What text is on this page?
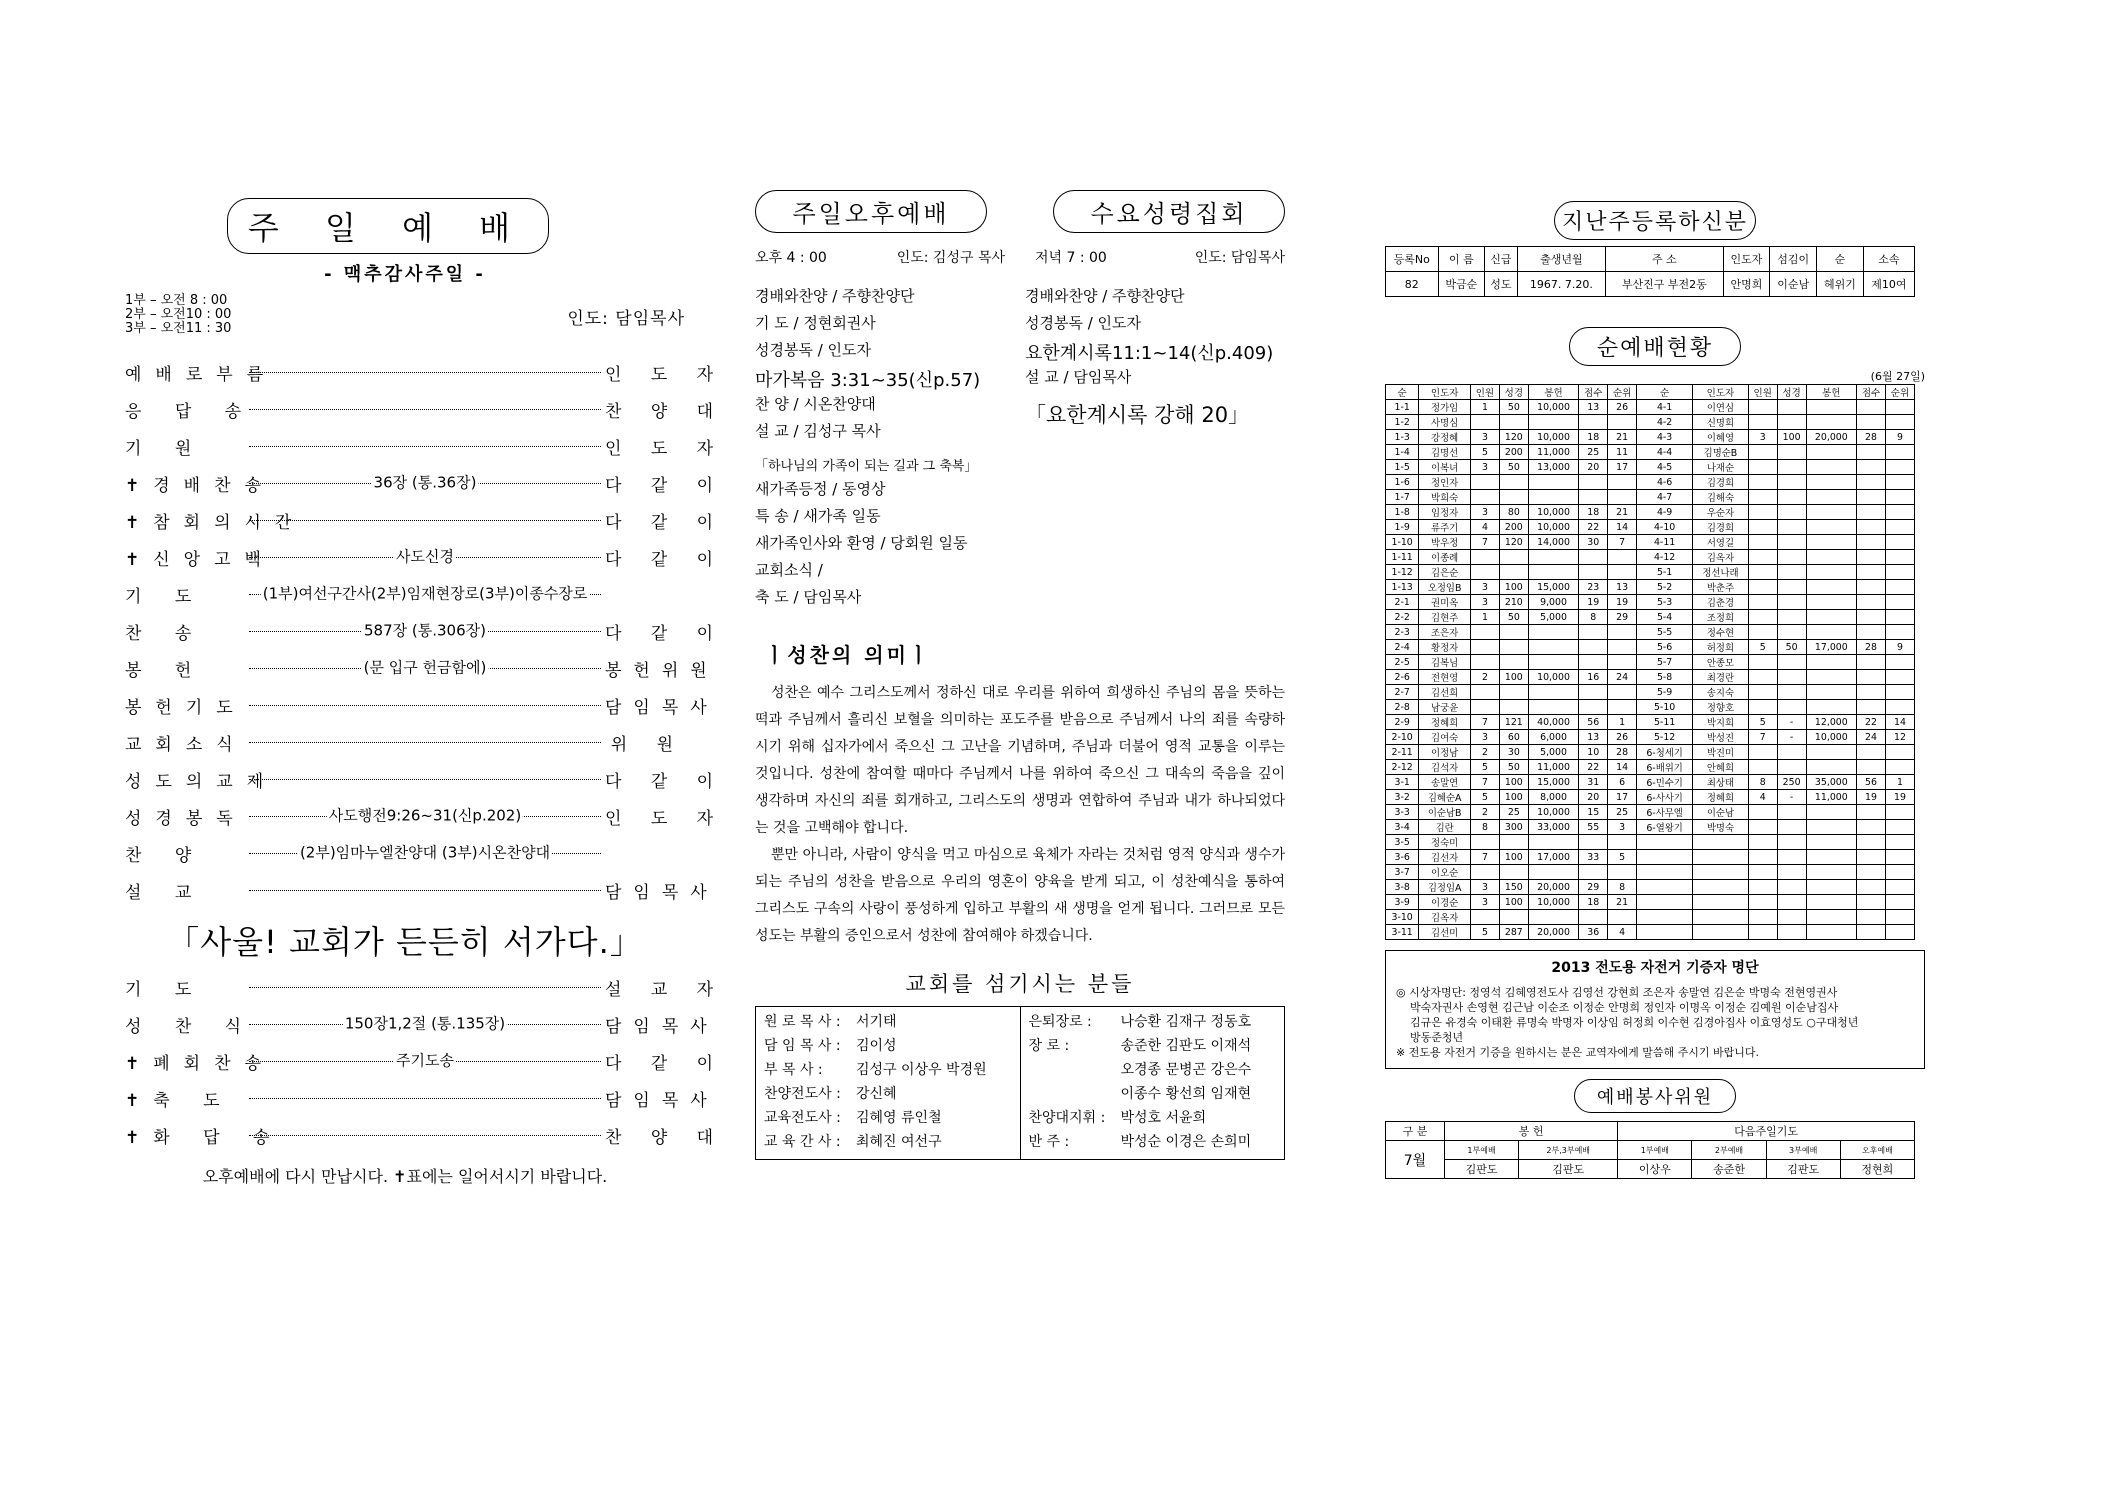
주 일 예 배
- 맥추감사주일 -
1부 – 오전 8 : 00
2부 – 오전10 : 00
3부 – 오전11 : 30	인도: 담임목사
예배로부름	인 도 자
응 답 송	찬 양 대
기 원	인 도 자
✝경배찬송	36장 (통.36장)	다 같 이
✝참회의시간	다 같 이
✝신앙고백	사도신경	다 같 이
기 도	(1부)여선구간사(2부)임재현장로(3부)이종수장로
찬 송	587장 (통.306장)	다 같 이
봉 헌	(문 입구 헌금함에)	봉헌위원
봉헌기도	담임목사
교회소식	위 원
성도의교제	다 같 이
성경봉독	사도행전9:26~31(신p.202)	인 도 자
찬 양	(2부)임마누엘찬양대 (3부)시온찬양대
설 교	담임목사
「사울! 교회가 든든히 서가다.」
기 도	설 교 자
성 찬 식	150장1,2절 (통.135장)	담임목사
✝폐회찬송	주기도송	다 같 이
✝축 도	담임목사
✝화 답 송	찬 양 대
오후예배에 다시 만납시다. ✝표에는 일어서시기 바랍니다.
주일오후예배	수요성령집회
오후 4 : 00	인도: 김성구 목사 저녁 7 : 00	인도: 담임목사
경배와찬양 / 주향찬양단
기 도 / 정현회권사
성경봉독 / 인도자
마가복음 3:31~35(신p.57)
찬 양 / 시온찬양대
설 교 / 김성구 목사
「하나님의 가족이 되는 길과 그 축복」
새가족등정 / 동영상
특 송 / 새가족 일동
새가족인사와 환영 / 당회원 일동
교회소식 /
축 도 / 담임목사
경배와찬양 / 주향찬양단
성경봉독 / 인도자
요한계시록11:1~14(신p.409)
설 교 / 담임목사
「요한계시록 강해 20」
ㅣ성찬의 의미ㅣ
성찬은 예수 그리스도께서 정하신 대로 우리를 위하여 희생하신 주님의 몸을 뜻하는 떡과 주님께서 흘리신 보혈을 의미하는 포도주를 받음으로 주님께서 나의 죄를 속량하시기 위해 십자가에서 죽으신 그 고난을 기념하며, 주님과 더불어 영적 교통을 이루는 것입니다. 성찬에 참여할 때마다 주님께서 나를 위하여 죽으신 그 대속의 죽음을 깊이 생각하며 자신의 죄를 회개하고, 그리스도의 생명과 연합하여 주님과 내가 하나되었다는 것을 고백해야 합니다.
뿐만 아니라, 사람이 양식을 먹고 마심으로 육체가 자라는 것처럼 영적 양식과 생수가 되는 주님의 성찬을 받음으로 우리의 영혼이 양육을 받게 되고, 이 성찬예식을 통하여 그리스도 구속의 사랑이 풍성하게 입하고 부활의 새 생명을 얻게 됩니다. 그러므로 모든 성도는 부활의 증인으로서 성찬에 참여해야 하겠습니다.
교회를 섬기시는 분들
원 로 목 사 :	서기태
담 임 목 사 :	김이성
부 목 사 :	김성구 이상우 박경원
찬양전도사 :	강신혜
교육전도사 :	김혜영 류인철
교 육 간 사 :	최혜진 여선구
은퇴장로 :	나승환 김재구 정동호
장 로 :	송준한 김판도 이재석
오경종 문병곤 강은수
이종수 황선희 임재현
찬양대지휘 :	박성호 서윤희
반 주 :	박성순 이경은 손희미
지난주등록하신분
등록No	이 름	신급	출생년월	주 소	인도자	섬김이	순	소속
82	박금순	성도	1967. 7.20.	부산진구 부전2동	안명희	이순남	헤위기	제10여
순예배현황
(6월 27일)
순	인도자	인원	성경	봉헌	점수	순위	순	인도자	인원	성경	봉헌	점수	순위
1-1	정가임	1	50	10,000	13	26	4-1	이연심					
1-2	사명심						4-2	신명희					
1-3	강정혜	3	120	10,000	18	21	4-3	이혜영	3	100	20,000	28	9
1-4	김명선	5	200	11,000	25	11	4-4	김명순B					
1-5	이복녀	3	50	13,000	20	17	4-5	나재순					
1-6	정인자						4-6	김경희					
1-7	박희숙						4-7	김해숙					
1-8	임정자	3	80	10,000	18	21	4-9	우순자					
1-9	류주기	4	200	10,000	22	14	4-10	김경희					
1-10	박우정	7	120	14,000	30	7	4-11	서영길					
1-11	이종례						4-12	김옥자					
1-12	김은순						5-1	정선나래					
1-13	오정임B	3	100	15,000	23	13	5-2	박춘주					
2-1	권미옥	3	210	9,000	19	19	5-3	김춘경					
2-2	김현주	1	50	5,000	8	29	5-4	조정희					
2-3	조은자						5-5	정수현					
2-4	황정자						5-6	허정희	5	50	17,000	28	9
2-5	김복님						5-7	안종모					
2-6	전현영	2	100	10,000	16	24	5-8	최경란					
2-7	김선희						5-9	송지숙					
2-8	남궁윤						5-10	정향호					
2-9	정혜희	7	121	40,000	56	1	5-11	박지희	5	-	12,000	22	14
2-10	김여숙	3	60	6,000	13	26	5-12	박성진	7	-	10,000	24	12
2-11	이정남	2	30	5,000	10	28	6-청세기	박진미					
2-12	김석자	5	50	11,000	22	14	6-배위기	안혜희					
3-1	송말연	7	100	15,000	31	6	6-민수기	최상태	8	250	35,000	56	1
3-2	김혜순A	5	100	8,000	20	17	6-사사기	정혜희	4	-	11,000	19	19
3-3	이순남B	2	25	10,000	15	25	6-사무엘	이순남					
3-4	김란	8	300	33,000	55	3	6-열왕기	박명숙					
3-5	정숙미												
3-6	김선자	7	100	17,000	33	5							
3-7	이오순												
3-8	김정임A	3	150	20,000	29	8							
3-9	이경순	3	100	10,000	18	21							
3-10	김옥자												
3-11	김선미	5	287	20,000	36	4							
2013 전도용 자전거 기증자 명단
◎ 시상자명단: 정영석 김혜영전도사 김영선 강현희 조은자 송말연 김은순 박명숙 전현영권사
박숙자권사 손영현 김근남 이순조 이정순 안명희 정인자 이명옥 이정순 김예원 이순남집사
김규은 유경숙 이태환 류명숙 박명자 이상임 허정희 이수현 김경아집사 이효영성도 ○구대청년
방동준청년
※ 전도용 자전거 기증을 원하시는 분은 교역자에게 말씀해 주시기 바랍니다.
예배봉사위원
구 분	봉 헌		다음주일기도			
7월	1부예배	2부,3부예배	1부예배	2부예배	3부예배	오후예배
	김판도	김판도	이상우	송준한	김판도	정현희
